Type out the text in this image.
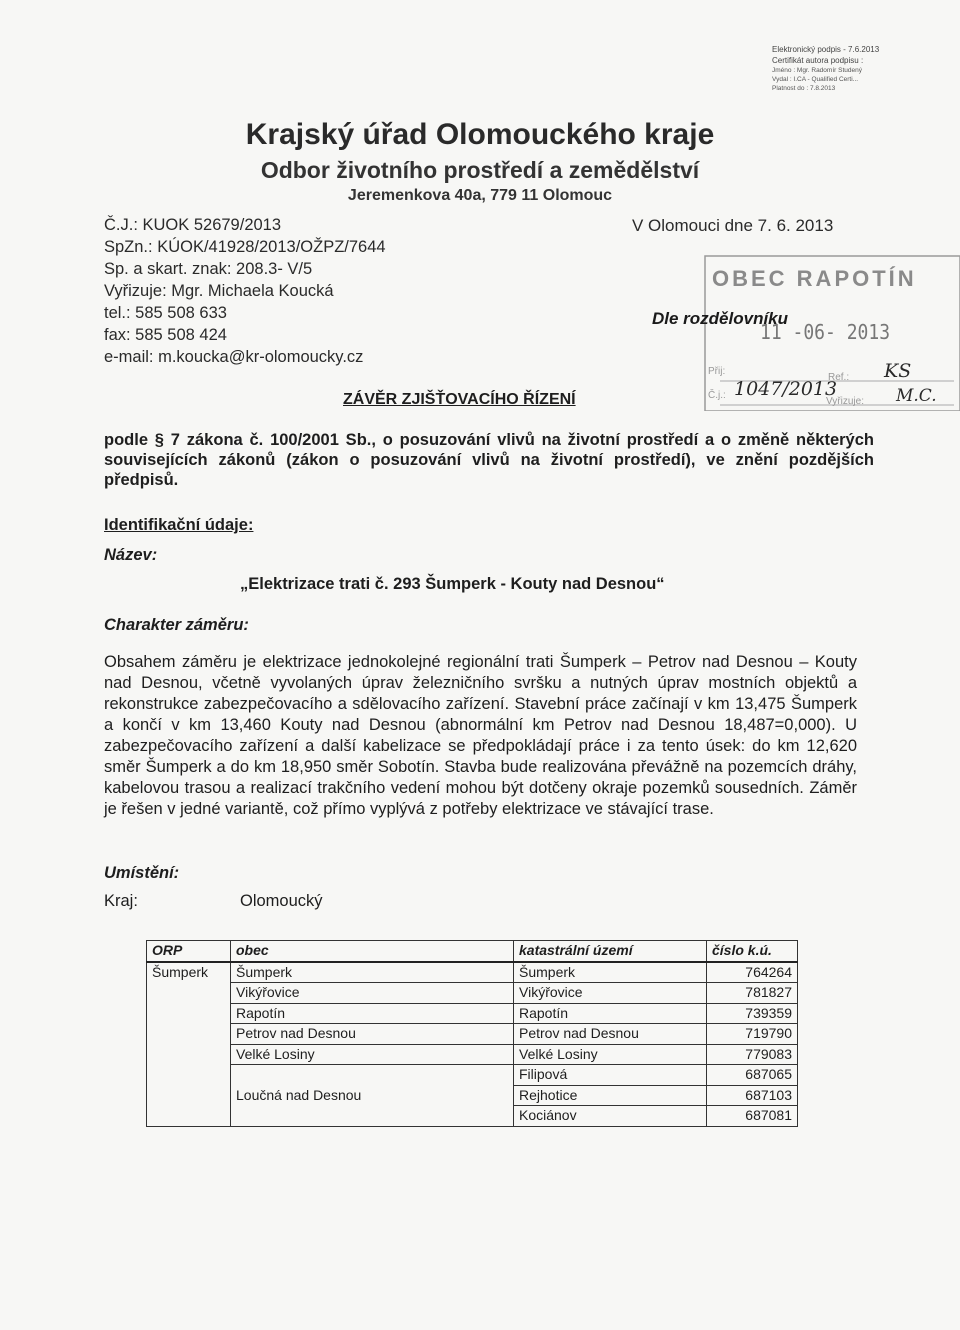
Elektronický podpis - 7.6.2013
Certifikát autora podpisu :
Jméno : Mgr. Radomír Studený
Vydal : I.CA - Qualified Certi...
Platnost do : 7.8.2013
Krajský úřad Olomouckého kraje
Odbor životního prostředí a zemědělství
Jeremenkova 40a, 779 11 Olomouc
Č.J.: KUOK 52679/2013
SpZn.: KÚOK/41928/2013/OŽPZ/7644
Sp. a skart. znak: 208.3- V/5
Vyřizuje: Mgr. Michaela Koucká
tel.: 585 508 633
fax: 585 508 424
e-mail: m.koucka@kr-olomoucky.cz
V Olomouci dne 7. 6. 2013
OBEC RAPOTÍN
11 -06- 2013
Dle rozdělovníku
Přij:
Ref.: KS
Č.j.: 1047/2013
Vyřizuje: M.C.
ZÁVĚR ZJIŠŤOVACÍHO ŘÍZENÍ
podle § 7 zákona č. 100/2001 Sb., o posuzování vlivů na životní prostředí a o změně některých souvisejících zákonů (zákon o posuzování vlivů na životní prostředí), ve znění pozdějších předpisů.
Identifikační údaje:
Název:
„Elektrizace trati č. 293 Šumperk - Kouty nad Desnou“
Charakter záměru:
Obsahem záměru je elektrizace jednokolejné regionální trati Šumperk – Petrov nad Desnou – Kouty nad Desnou, včetně vyvolaných úprav železničního svršku a nutných úprav mostních objektů a rekonstrukce zabezpečovacího a sdělovacího zařízení. Stavební práce začínají v km 13,475 Šumperk a končí v km 13,460 Kouty nad Desnou (abnormální km Petrov nad Desnou 18,487=0,000). U zabezpečovacího zařízení a další kabelizace se předpokládají práce i za tento úsek: do km 12,620 směr Šumperk a do km 18,950 směr Sobotín. Stavba bude realizována převážně na pozemcích dráhy, kabelovou trasou a realizací trakčního vedení mohou být dotčeny okraje pozemků sousedních. Záměr je řešen v jedné variantě, což přímo vyplývá z potřeby elektrizace ve stávající trase.
Umístění:
Kraj:	Olomoucký
ORP	obec	katastrální území	číslo k.ú.
Šumperk	Šumperk	Šumperk	764264
	Vikýřovice	Vikýřovice	781827
	Rapotín	Rapotín	739359
	Petrov nad Desnou	Petrov nad Desnou	719790
	Velké Losiny	Velké Losiny	779083
	Loučná nad Desnou	Filipová	687065
		Rejhotice	687103
		Kociánov	687081
